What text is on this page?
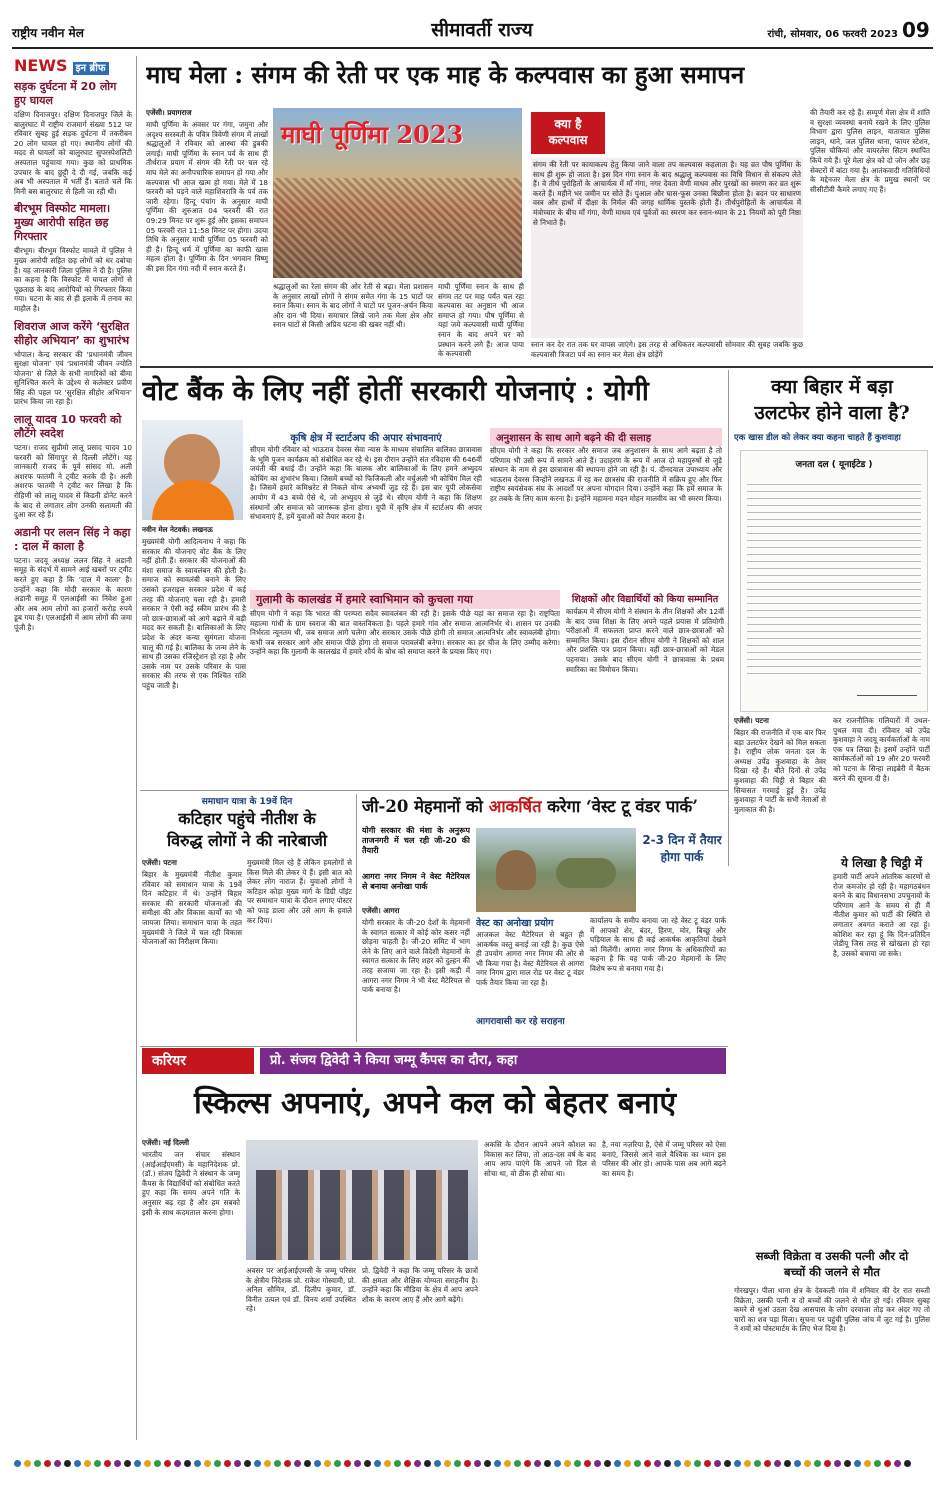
राष्ट्रीय नवीन मेल	सीमावर्ती राज्य	रांची, सोमवार, 06 फरवरी 2023 09
NEWS इन ब्रीफ
सड़क दुर्घटना में 20 लोग हुए घायल
दक्षिण दिनाजपुर। दक्षिण दिनाजपुर जिले के बालुरघाट में राष्ट्रीय राजमार्ग संख्या 512 पर रविवार सुबह हुई सड़क दुर्घटना में तकरीबन 20 लोग घायल हो गए। स्थानीय लोगों की मदद से घायलों को बालुरघाट सुपरस्पेशलिटी अस्पताल पहुंचाया गया। कुछ को प्राथमिक उपचार के बाद छुट्टी दे दी गई, जबकि कई अब भी अस्पताल में भर्ती हैं। बताते चलें कि मिनी बस बालुरघाट से हिली जा रही थी।
बीरभूम विस्फोट मामला। मुख्य आरोपी सहित छह गिरफ्तार
बीरभूम। बीरभूम विस्फोट मामले में पुलिस ने मुख्य आरोपी सहित छह लोगों को धर दबोचा है। यह जानकारी जिला पुलिस ने दी है। पुलिस का कहना है कि विस्फोट में घायल लोगों से पूछताछ के बाद आरोपियों को गिरफ्तार किया गया। घटना के बाद से ही इलाके में तनाव का माहौल है।
शिवराज आज करेंगे ‘सुरक्षित सीहोर अभियान’ का शुभारंभ
भोपाल। केन्द्र सरकार की ‘प्रधानमंत्री जीवन सुरक्षा योजना’ एवं ‘प्रधानमंत्री जीवन ज्योति योजना’ से जिले के सभी नागरिकों को बीमा सुनिश्चित करने के उद्देश्य से कलेक्टर प्रवीण सिंह की पहल पर ‘सुरक्षित सीहोर अभियान’ प्रारंभ किया जा रहा है।
लालू यादव 10 फरवरी को लौटेंगे स्वदेश
पटना। राजद सुप्रीमो लालू प्रसाद यादव 10 फरवरी को सिंगापुर से दिल्ली लौटेंगे। यह जानकारी राजद के पूर्व सांसद मो. अली अशरफ फातमी ने ट्वीट करके दी है। अली अशरफ फातमी ने ट्वीट कर लिखा है कि रोहिणी को लालू यादव से किडनी डोनेट करने के बाद से लगातार लोग उनकी सलामती की दुआ कर रहे हैं।
अडानी पर ललन सिंह ने कहा : दाल में काला है
पटना। जदयू अध्यक्ष ललन सिंह ने अडानी समूह के संदर्भ में सामने आई खबरों पर ट्वीट करते हुए कहा है कि ‘दाल में काला’ है। उन्होंने कहा कि मोदी सरकार के कारण अडानी समूह में एलआईसी का निवेश हुआ और अब आम लोगों का हजारों करोड़ रुपये डूब गया है। एलआईसी में आम लोगों की जमा पूंजी है।
माघ मेला : संगम की रेती पर एक माह के कल्पवास का हुआ समापन
एजेंसी। प्रयागराज
माघी पूर्णिमा के अवसर पर गंगा, जमुना और अदृश्य सरस्वती के पवित्र त्रिवेणी संगम में लाखों श्रद्धालुओं ने रविवार को आस्था की डुबकी लगाई। माघी पूर्णिमा के स्नान पर्व के साथ ही तीर्थराज प्रयाग में संगम की रेती पर चल रहे माघ मेले का अनौपचारिक समापन हो गया और कल्पवास भी आज खत्म हो गया। मेले में 18 फरवरी को पड़ने वाले महाशिवरात्रि के पर्व तक जारी रहेगा। हिन्दू पंचांग के अनुसार माघी पूर्णिमा की शुरुआत 04 फरवरी की रात 09:29 मिनट पर शुरू हुई और इसका समापन 05 फरवरी रात 11:58 मिनट पर होगा। उदया तिथि के अनुसार माघी पूर्णिमा 05 फरवरी को ही है। हिन्दू धर्म में पूर्णिमा का काफी खास महत्व होता है। पूर्णिमा के दिन भगवान विष्णु की इस दिन गंगा नदी में स्नान करते हैं।
माघी पूर्णिमा 2023
श्रद्धालुओं का रेला संगम की ओर रेती से बढ़ा। मेला प्रशासन के अनुसार लाखों लोगों ने संगम समेत गंगा के 15 घाटों पर स्नान किया। स्नान के बाद लोगों ने घाटों पर पूजन-अर्चन किया और दान भी दिया। समाचार लिखे जाने तक मेला क्षेत्र और स्नान घाटों से किसी अप्रिय घटना की खबर नहीं थी।
माघी पूर्णिमा स्नान के साथ ही संगम तट पर माह पर्यंत चल रहा कल्पवास का अनुष्ठान भी आज समाप्त हो गया। पौष पूर्णिमा से यहां जमे कल्पवासी माघी पूर्णिमा स्नान के बाद अपने घर को प्रस्थान करने लगे हैं। आज पाया के कल्पवासी
क्या है कल्पवास
संगम की रेती पर कायाकल्प हेतु किया जाने वाला तप कल्पवास कहलाता है। यह व्रत पौष पूर्णिमा के साथ ही शुरू हो जाता है। इस दिन गंगा स्नान के बाद श्रद्धालु कल्पवास का विधि विधान से संकल्प लेते हैं। वे तीर्थ पुरोहितों के आचार्यत्व में माँ गंगा, नगर देवता वेणी माधव और पुरखों का स्मरण कर व्रत शुरू करते हैं। महीने भर जमीन पर सोते हैं। पुआल और घास-फूस उनका बिछौना होता है। बदन पर साधारण वस्त्र और हाथों में दीक्षा के निर्मल की जगह धार्मिक पुस्तकें होती हैं। तीर्थपुरोहितों के आचार्यत्व में मंत्रोच्चार के बीच माँ गंगा, वेणी माधव एवं पूर्वजों का स्मरण कर स्नान-ध्यान के 21 नियमों को पूरी निष्ठा से निभाते हैं।
स्नान कर देर रात तक घर वापस जाएंगे। इस तरह से अधिकतर कल्पवासी सोमवार की सुबह जबकि कुछ कल्पवासी त्रिजटा पर्व का स्नान कर मेला क्षेत्र छोड़ेंगे
की तैयारी कर रहे हैं। सम्पूर्ण मेला क्षेत्र में शांति व सुरक्षा व्यवस्था बनाये रखने के लिए पुलिस विभाग द्वारा पुलिस लाइन, यातायात पुलिस लाइन, थाने, जल पुलिस थाना, फायर स्टेशन, पुलिस चौकियां और वायरलेस सिटम स्थापित किये गये हैं। पूरे मेला क्षेत्र को दो जोन और छह सेक्टरों में बांटा गया है। आतंकवादी गतिविधियों के मद्देनजर मेला क्षेत्र के प्रमुख स्थानों पर सीसीटीवी कैमरे लगाए गए हैं।
वोट बैंक के लिए नहीं होतीं सरकारी योजनाएं : योगी
नवीन मेल नेटवर्क। लखनऊ
मुख्यमंत्री योगी आदित्यनाथ ने कहा कि सरकार की योजनाएं वोट बैंक के लिए नहीं होती हैं। सरकार की योजनाओं की मंशा समाज के स्वावलंबन की होती है। समाज को स्वावलंबी बनाने के लिए उसको इजराइल सरकार प्रदेश में कई तरह की योजनाएं चला रही है। हमारी सरकार ने ऐसी कई स्कीम प्रारंभ की है जो छात्र-छात्राओं को आगे बढ़ाने में बड़ी मदद कर सकती है। बालिकाओं के लिए प्रदेश के अंदर कन्या सुमंगला योजना चालू की गई है। बालिका के जन्म लेने के साथ ही उसका रजिस्ट्रेशन हो रहा है और उसके नाम पर उसके परिवार के पास सरकार की तरफ से एक निश्चित राशि पहुंच जाती है।
कृषि क्षेत्र में स्टार्टअप की अपार संभावनाएं
सीएम योगी रविवार को भाऊराव देवरस सेवा न्यास के माध्यम संचालित बालिका छात्रावास के भूमि पूजन कार्यक्रम को संबोधित कर रहे थे। इस दौरान उन्होंने संत रविदास की 646वीं जयंती की बधाई दी। उन्होंने कहा कि बालक और बालिकाओं के लिए हमने अभ्युदय कोचिंग का शुभारंभ किया। जिसमें बच्चों को फिजिकली और वर्चुअली भी कोचिंग मिल रही है। जिसमें हमारे कमिश्नरेट से निकले योग्य अभ्यर्थी जुड़ रहे हैं। इस बार यूपी लोकसेवा आयोग में 43 बच्चे ऐसे थे, जो अभ्युदय से जुड़े थे। सीएम योगी ने कहा कि शिक्षण संस्थानों और समाज को जागरूक होना होगा। यूपी में कृषि क्षेत्र में स्टार्टअप की अपार संभावनाएं हैं, हमें युवाओं को तैयार करना है।
अनुशासन के साथ आगे बढ़ने की दी सलाह
सीएम योगी ने कहा कि सरकार और समाज जब अनुशासन के साथ आगे बढ़ता है तो परिणाम भी उसी रूप में सामने आते हैं। उदाहरण के रूप में आज दो महापुरुषों से जुड़े संस्थान के नाम से इस छात्रावास की स्थापना होने जा रही है। पं. दीनदयाल उपाध्याय और भाऊराव देवरस जिन्होंने लखनऊ में रह कर छात्रसंघ की राजनीति में सक्रिय हुए और फिर राष्ट्रीय स्वयंसेवक संघ के आदर्शों पर अपना योगदान दिया। उन्होंने कहा कि हमें समाज के हर तबके के लिए काम करना है। इन्होंने महामना मदन मोहन मालवीय का भी स्मरण किया।
गुलामी के कालखंड में हमारे स्वाभिमान को कुचला गया
सीएम योगी ने कहा कि भारत की परम्परा सदैव स्वावलंबन की रही है। इसके पीछे यहां का समाज रहा है। राष्ट्रपिता महात्मा गांधी के ग्राम स्वराज की बात वास्तविकता है। पहले हमारे गांव और समाज आत्मनिर्भर थे। शासन पर उनकी निर्भरता न्यूनतम थी, जब समाज आगे चलेगा और सरकार उसके पीछे होगी तो समाज आत्मनिर्भर और स्वावलंबी होगा। कभी जब सरकार आगे और समाज पीछे होगा तो समाज परावलंबी बनेगा। सरकार का हर चीज के लिए उम्मीद करेगा। उन्होंने कहा कि गुलामी के कालखंड में हमारे शौर्य के बोध को समाप्त करने के प्रयास किए गए।
शिक्षकों और विद्यार्थियों को किया सम्मानित
कार्यक्रम में सीएम योगी ने संस्थान के तीन शिक्षकों और 12वीं के बाद उच्च शिक्षा के लिए अपने पहले प्रयास में प्रतियोगी परीक्षाओं में सफलता प्राप्त करने वाले छात्र-छात्राओं को सम्मानित किया। इस दौरान सीएम योगी ने शिक्षकों को शाल और प्रशस्ति पत्र प्रदान किया। वहीं छात्र-छात्राओं को मेडल पहनाया। उसके बाद सीएम योगी ने छात्रावास के प्रथम स्मारिका का विमोचन किया।
क्या बिहार में बड़ा
उलटफेर होने वाला है?
एक खास डील को लेकर क्या कहना चाहते हैं कुशवाहा
जनता दल ( यूनाईटेड )
एजेंसी। पटना
बिहार की राजनीति में एक बार फिर बड़ा उलटफेर देखने को मिल सकता है। राष्ट्रीय लोक जनता दल के अध्यक्ष उपेंद्र कुशवाहा के तेवर दिखा रहे हैं। बीते दिनों से उपेंद्र कुशवाहा की चिट्ठी से बिहार की सियासत गरमाई हुई है। उपेंद्र कुशवाहा ने पार्टी के सभी नेताओं से मुलाकात की है।
कर राजनीतिक गलियारों में उथल-पुथल मचा दी। रविवार को उपेंद्र कुशवाहा ने जदयू कार्यकर्ताओं के नाम एक पत्र लिखा है। इसमें उन्होंने पार्टी कार्यकर्ताओं को 19 और 20 फरवरी को पटना के सिन्हा लाइब्रेरी में बैठक करने की सूचना दी है।
ये लिखा है चिट्ठी में
हमारी पार्टी अपने आंतरिक कारणों से रोज कमजोर हो रही है। महागठबंधन बनने के बाद विधानसभा उपचुनावों के परिणाम आने के समय से ही मैं नीतीश कुमार को पार्टी की स्थिति से लगातार अवगत कराते आ रहा हूं। कोशिश कर रहा हूं कि दिन-प्रतिदिन जेडीयू जिस तरह से खोखला हो रहा है, उसको बचाया जा सके।
समाधान यात्रा के 19वें दिन
कटिहार पहुंचे नीतीश के
विरुद्ध लोगों ने की नारेबाजी
एजेंसी। पटना
बिहार के मुख्यमंत्री नीतीश कुमार रविवार को समाधान यात्रा के 19वें दिन कटिहार में थे। उन्होंने बिहार सरकार की सरकारी योजनाओं की समीक्षा की और विकास कार्यों का भी जायजा लिया। समाधान यात्रा के तहत मुख्यमंत्री ने जिले में चल रही विकास योजनाओं का निरीक्षण किया।
मुख्यमंत्री मिल रहे हैं लेकिन हमलोगों से किस मिले की लेकर ये हैं। इसी बात को लेकर लोग नाराज हैं। युवाओं लोगों ने कटिहार कोड़ा मुख्य मार्ग के डिग्री पॉइंट पर समाधान यात्रा के दौरान लगाए पोस्टर को फाड़ डाला और उसे आग के हवाले कर दिया।
जी-20 मेहमानों को आकर्षित करेगा ‘वेस्ट टू वंडर पार्क’
योगी सरकार की मंशा के अनुरूप ताजनगरी में चल रही जी-20 की तैयारी
आगरा नगर निगम ने वेस्ट मैटेरियल से बनाया अनोखा पार्क
2-3 दिन में तैयार होगा पार्क
एजेंसी। आगरा
योगी सरकार के जी-20 देशों के मेहमानों के स्वागत सत्कार में कोई कोर कसर नहीं छोड़ना चाहती है। जी-20 समिट में भाग लेने के लिए आने वाले विदेशी मेहमानों के स्वागत सत्कार के लिए शहर को दुल्हन की तरह सजाया जा रहा है। इसी कड़ी में आगरा नगर निगम ने भी वेस्ट मैटेरियल से पार्क बनाया है।
वेस्ट का अनोखा प्रयोग
आजकल वेस्ट मैटेरियल से बहुत ही आकर्षक वस्तु बनाई जा रही है। कुछ ऐसे ही उपयोग आगरा नगर निगम की ओर से भी किया गया है। वेस्ट मैटेरियल से आगरा नगर निगम द्वारा माल रोड पर वेस्ट टू वंडर पार्क तैयार किया जा रहा है।
आगरावासी कर रहे सराहना
कार्यालय के समीप बनाया जा रहे वेस्ट टू वंडर पार्क में आपको शेर, बंदर, हिरण, मोर, बिच्छू और घड़ियाल के साथ ही कई आकर्षक आकृतियां देखने को मिलेंगी। आगरा नगर निगम के अधिकारियों का कहना है कि यह पार्क जी-20 मेहमानों के लिए विशेष रूप से बनाया गया है।
करियर	प्रो. संजय द्विवेदी ने किया जम्मू कैंपस का दौरा, कहा
स्किल्स अपनाएं, अपने कल को बेहतर बनाएं
एजेंसी। नई दिल्ली
भारतीय जन संचार संस्थान (आईआईएमसी) के महानिदेशक प्रो. (डॉ.) संजय द्विवेदी ने संस्थान के जम्मू कैंपस के विद्यार्थियों को संबोधित करते हुए कहा कि समय अपने गति के अनुसार बढ़ रहा है और हम सबको इसी के साथ कदमताल करना होगा।
अवसर पर आईआईएमसी के जम्मू परिसर के क्षेत्रीय निदेशक प्रो. राकेश गोस्वामी, प्रो. अनिल सौमित्र, डॉ. दिलीप कुमार, डॉ. विनीत उत्पल एवं डॉ. विनय शर्मा उपस्थित रहे।
प्रो. द्विवेदी ने कहा कि जम्मू परिसर के छात्रों की क्षमता और शैक्षिक योग्यता सराहनीय है। उन्होंने कहा कि मीडिया के क्षेत्र में आप अपने शौक के कारण आए हैं और आगे बढ़ेंगे।
अकसि के दौरान आपने अपने कौशल का विकास कर लिया, तो आठ-दस वर्ष के बाद आप आप पाएंगे कि आपने जो दिल से सोचा था, वो ठीक ही सोचा था।
है, नया नज़रिया है, ऐसे में जम्मू परिसर को ऐसा बनाएं, जिससे आने वाले वैश्विक का ध्यान इस परिसर की ओर हो। आपके पास अब आगे बढ़ने का समय है।
सब्जी विक्रेता व उसकी पत्नी और दो
बच्चों की जलने से मौत
गोरखपुर। पीला थाना क्षेत्र के देवकली गांव में शनिवार की देर रात सब्जी विक्रेता, उसकी पत्नी व दो बच्चों की जलने से मौत हो गई। रविवार सुबह कमरे से धुआं उठता देख आसपास के लोग दरवाजा तोड़ कर अंदर गए तो चारों का शव पड़ा मिला। सूचना पर पहुंची पुलिस जांच में जुट गई है। पुलिस ने शवों को पोस्टमार्टम के लिए भेज दिया है।
